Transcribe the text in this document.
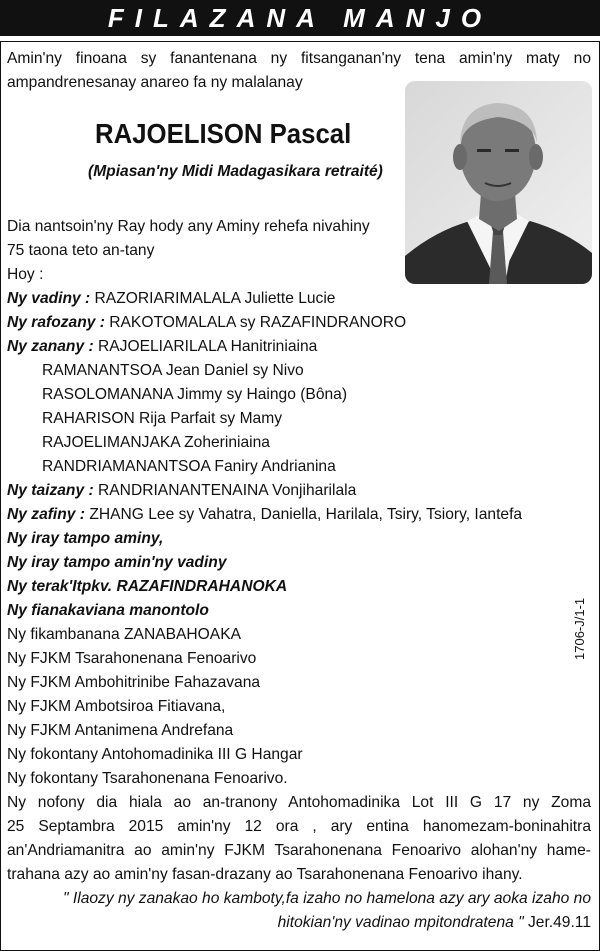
FILAZANA MANJO
Amin'ny finoana sy fanantenana ny fitsanganan'ny tena amin'ny maty no
ampandrenesanay anareo fa ny malalanay
RAJOELISON Pascal
(Mpiasan'ny Midi Madagasikara retraité)
Dia nantsoin'ny Ray hody any Aminy rehefa nivahiny
75 taona teto an-tany
Hoy :
Ny vadiny : RAZORIARIMALALA Juliette Lucie
Ny rafozany : RAKOTOMALALA sy RAZAFINDRANORO
Ny zanany : RAJOELIARILALA Hanitriniaina
RAMANANTSOA Jean Daniel sy Nivo
RASOLOMANANA Jimmy sy Haingo (Bôna)
RAHARISON Rija Parfait sy Mamy
RAJOELIMANJAKA Zoheriniaina
RANDRIAMANANTSOA Faniry Andrianina
Ny taizany : RANDRIANANTENAINA Vonjiharilala
Ny zafiny : ZHANG Lee sy Vahatra, Daniella, Harilala, Tsiry, Tsiory, Iantefa
Ny iray tampo aminy,
Ny iray tampo amin'ny vadiny
Ny terak'Itpkv. RAZAFINDRAHANOKA
Ny fianakaviana manontolo
Ny fikambanana ZANABAHOAKA
Ny FJKM Tsarahonenana Fenoarivo
Ny FJKM Ambohitrinibe Fahazavana
Ny FJKM Ambotsiroa Fitiavana,
Ny FJKM Antanimena Andrefana
Ny fokontany Antohomadinika III G Hangar
Ny fokontany Tsarahonenana Fenoarivo.
Ny nofony dia hiala ao an-tranony Antohomadinika Lot III G 17 ny Zoma
25 Septambra 2015 amin'ny 12 ora , ary entina hanomezam-boninahitra
an'Andriamanitra ao amin'ny FJKM Tsarahonenana Fenoarivo alohan'ny hame-
trahana azy ao amin'ny fasan-drazany ao Tsarahonenana Fenoarivo ihany.
" Ilaozy ny zanakao ho kamboty,fa izaho no hamelona azy ary aoka izaho no
hitokian'ny vadinao mpitondratena " Jer.49.11
1706-J/1-1
